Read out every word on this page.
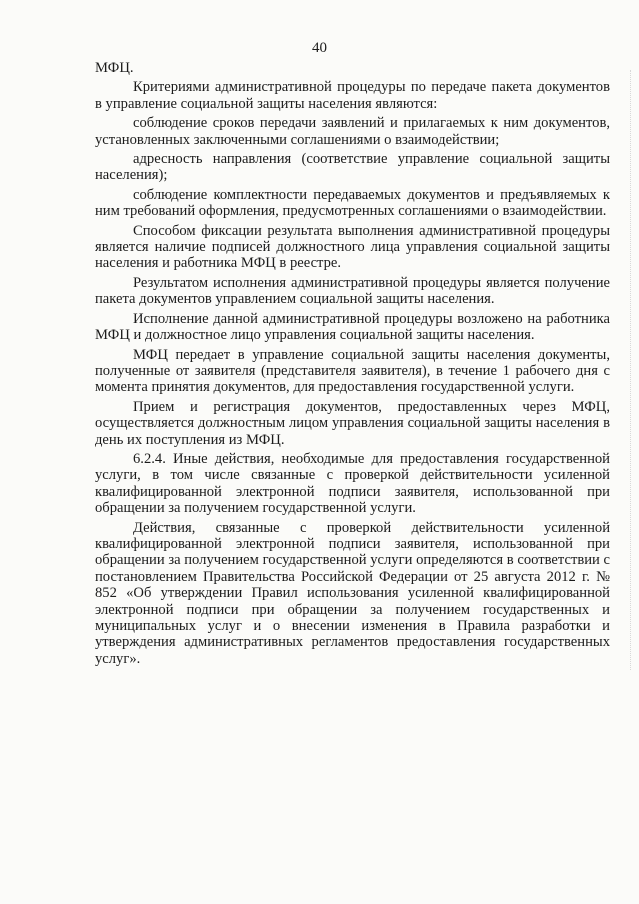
40

МФЦ.

Критериями административной процедуры по передаче пакета документов в управление социальной защиты населения являются:

соблюдение сроков передачи заявлений и прилагаемых к ним документов, установленных заключенными соглашениями о взаимодействии;

адресность направления (соответствие управление социальной защиты населения);

соблюдение комплектности передаваемых документов и предъявляемых к ним требований оформления, предусмотренных соглашениями о взаимодействии.

Способом фиксации результата выполнения административной процедуры является наличие подписей должностного лица управления социальной защиты населения и работника МФЦ в реестре.

Результатом исполнения административной процедуры является получение пакета документов управлением социальной защиты населения.

Исполнение данной административной процедуры возложено на работника МФЦ и должностное лицо управления социальной защиты населения.

МФЦ передает в управление социальной защиты населения документы, полученные от заявителя (представителя заявителя), в течение 1 рабочего дня с момента принятия документов, для предоставления государственной услуги.

Прием и регистрация документов, предоставленных через МФЦ, осуществляется должностным лицом управления социальной защиты населения в день их поступления из МФЦ.

6.2.4. Иные действия, необходимые для предоставления государственной услуги, в том числе связанные с проверкой действительности усиленной квалифицированной электронной подписи заявителя, использованной при обращении за получением государственной услуги.

Действия, связанные с проверкой действительности усиленной квалифицированной электронной подписи заявителя, использованной при обращении за получением государственной услуги определяются в соответствии с постановлением Правительства Российской Федерации от 25 августа 2012 г. № 852 «Об утверждении Правил использования усиленной квалифицированной электронной подписи при обращении за получением государственных и муниципальных услуг и о внесении изменения в Правила разработки и утверждения административных регламентов предоставления государственных услуг».
